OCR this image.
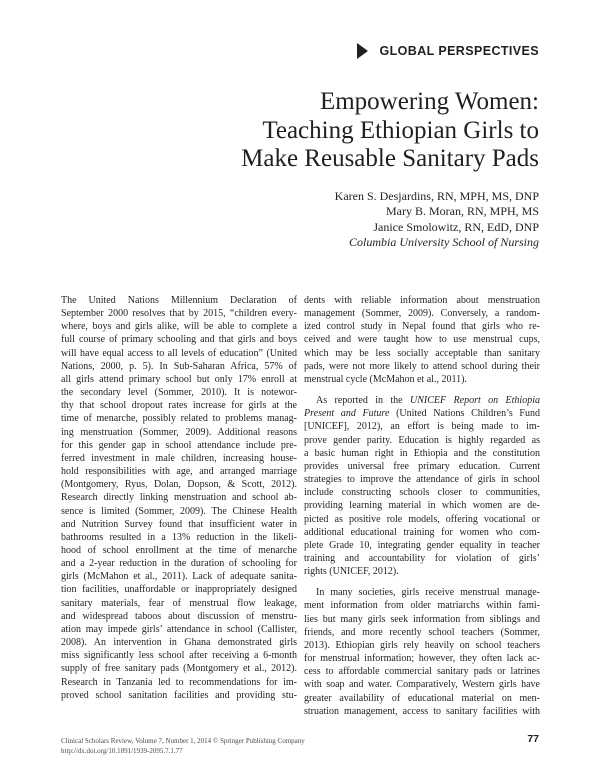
GLOBAL PERSPECTIVES
Empowering Women:
Teaching Ethiopian Girls to
Make Reusable Sanitary Pads
Karen S. Desjardins, RN, MPH, MS, DNP
Mary B. Moran, RN, MPH, MS
Janice Smolowitz, RN, EdD, DNP
Columbia University School of Nursing
The United Nations Millennium Declaration of
September 2000 resolves that by 2015, “children every-
where, boys and girls alike, will be able to complete a
full course of primary schooling and that girls and boys
will have equal access to all levels of education” (United
Nations, 2000, p. 5). In Sub-Saharan Africa, 57% of
all girls attend primary school but only 17% enroll at
the secondary level (Sommer, 2010). It is notewor-
thy that school dropout rates increase for girls at the
time of menarche, possibly related to problems manag-
ing menstruation (Sommer, 2009). Additional reasons
for this gender gap in school attendance include pre-
ferred investment in male children, increasing house-
hold responsibilities with age, and arranged marriage
(Montgomery, Ryus, Dolan, Dopson, & Scott, 2012).
Research directly linking menstruation and school ab-
sence is limited (Sommer, 2009). The Chinese Health
and Nutrition Survey found that insufficient water in
bathrooms resulted in a 13% reduction in the likeli-
hood of school enrollment at the time of menarche
and a 2-year reduction in the duration of schooling for
girls (McMahon et al., 2011). Lack of adequate sanita-
tion facilities, unaffordable or inappropriately designed
sanitary materials, fear of menstrual flow leakage,
and widespread taboos about discussion of menstru-
ation may impede girls’ attendance in school (Callister,
2008). An intervention in Ghana demonstrated girls
miss significantly less school after receiving a 6-month
supply of free sanitary pads (Montgomery et al., 2012).
Research in Tanzania led to recommendations for im-
proved school sanitation facilities and providing stu-
dents with reliable information about menstruation
management (Sommer, 2009). Conversely, a random-
ized control study in Nepal found that girls who re-
ceived and were taught how to use menstrual cups,
which may be less socially acceptable than sanitary
pads, were not more likely to attend school during their
menstrual cycle (McMahon et al., 2011).
As reported in the UNICEF Report on Ethiopia
Present and Future (United Nations Children’s Fund
[UNICEF], 2012), an effort is being made to im-
prove gender parity. Education is highly regarded as
a basic human right in Ethiopia and the constitution
provides universal free primary education. Current
strategies to improve the attendance of girls in school
include constructing schools closer to communities,
providing learning material in which women are de-
picted as positive role models, offering vocational or
additional educational training for women who com-
plete Grade 10, integrating gender equality in teacher
training and accountability for violation of girls’
rights (UNICEF, 2012).
In many societies, girls receive menstrual manage-
ment information from older matriarchs within fami-
lies but many girls seek information from siblings and
friends, and more recently school teachers (Sommer,
2013). Ethiopian girls rely heavily on school teachers
for menstrual information; however, they often lack ac-
cess to affordable commercial sanitary pads or latrines
with soap and water. Comparatively, Western girls have
greater availability of educational material on men-
struation management, access to sanitary facilities with
Clinical Scholars Review, Volume 7, Number 1, 2014 © Springer Publishing Company
http://dx.doi.org/10.1891/1939-2095.7.1.77
77
